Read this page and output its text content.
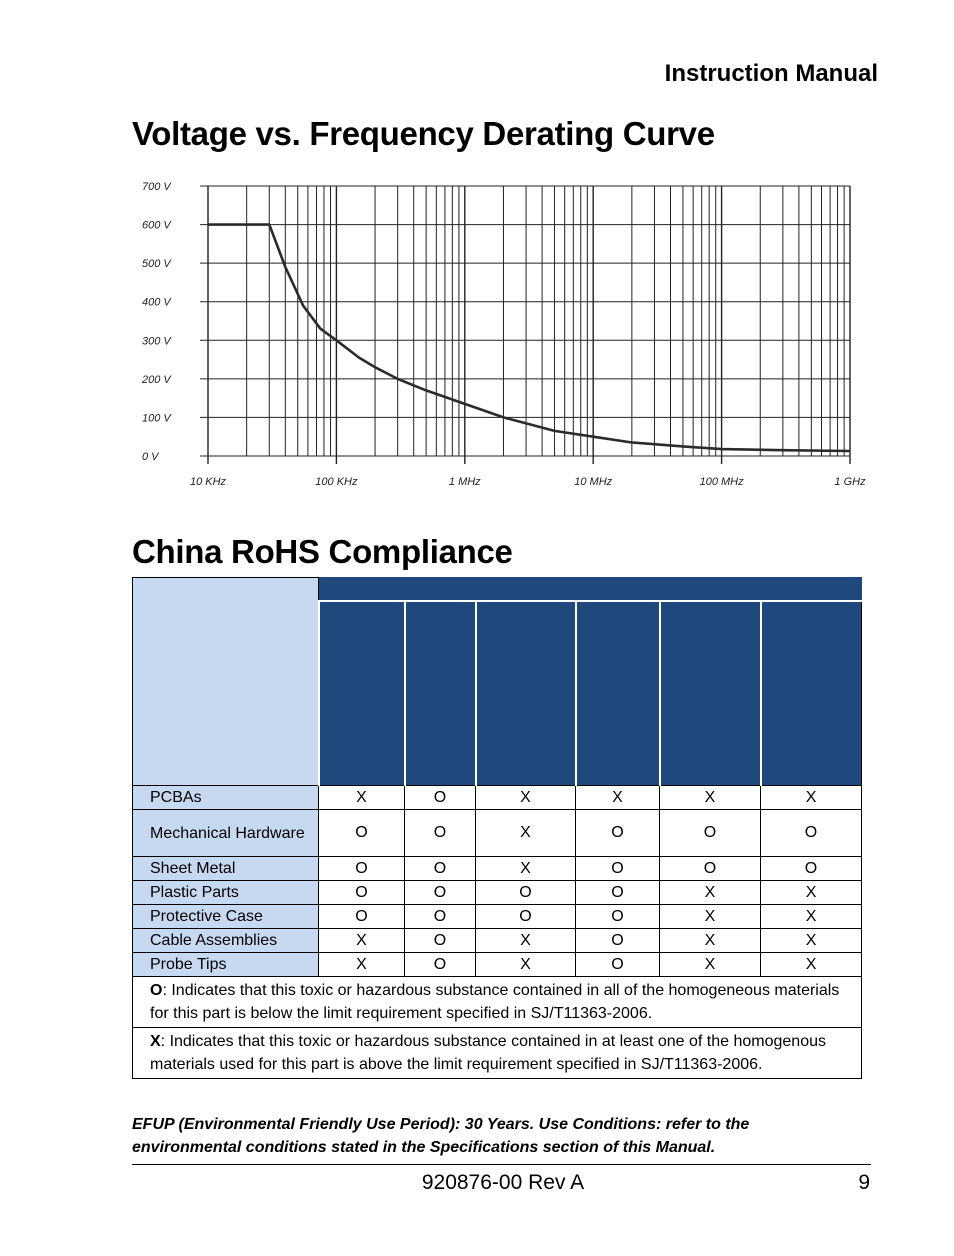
Instruction Manual
Voltage vs. Frequency Derating Curve
0 V
100 V
200 V
300 V
400 V
500 V
600 V
700 V
10 KHz	100 KHz	1 MHz	10 MHz	100 MHz	1 GHz
China RoHS Compliance

PCBAs	X	O	X	X	X	X
Mechanical Hardware	O	O	X	O	O	O
Sheet Metal	O	O	X	O	O	O
Plastic Parts	O	O	O	O	X	X
Protective Case	O	O	O	O	X	X
Cable Assemblies	X	O	X	O	X	X
Probe Tips	X	O	X	O	X	X
O: Indicates that this toxic or hazardous substance contained in all of the homogeneous materials for this part is below the limit requirement specified in SJ/T11363-2006.						
X: Indicates that this toxic or hazardous substance contained in at least one of the homogenous materials used for this part is above the limit requirement specified in SJ/T11363-2006.						
EFUP (Environmental Friendly Use Period): 30 Years. Use Conditions: refer to the environmental conditions stated in the Specifications section of this Manual.
920876-00 Rev A	9
